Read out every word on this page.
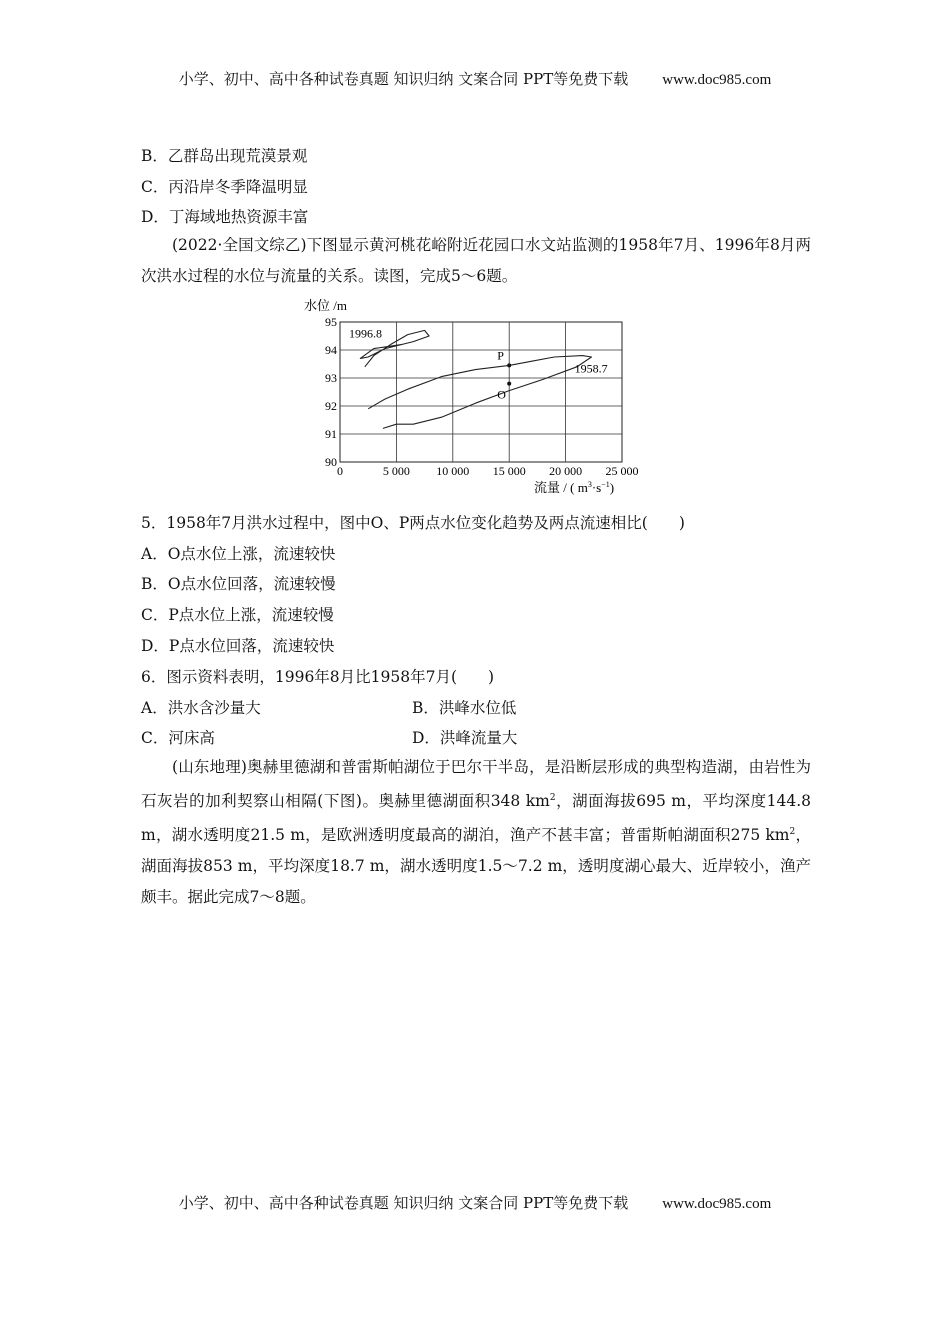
小学、初中、高中各种试卷真题 知识归纳 文案合同 PPT等免费下载 www.doc985.com
B．乙群岛出现荒漠景观
C．丙沿岸冬季降温明显
D．丁海域地热资源丰富
(2022·全国文综乙)下图显示黄河桃花峪附近花园口水文站监测的1958年7月、1996年8月两次洪水过程的水位与流量的关系。读图，完成5～6题。
1996.8
1958.7
P
O
0	5 000 10 000 15 000 20 000 25 000
90
91
92
93
94
95
水位 /m
流量 / ( $m^3\cdot s^{-1}$)
5．1958年7月洪水过程中，图中O、P两点水位变化趋势及两点流速相比(　　)
A．O点水位上涨，流速较快
B．O点水位回落，流速较慢
C．P点水位上涨，流速较慢
D．P点水位回落，流速较快
6．图示资料表明，1996年8月比1958年7月(　　)
A．洪水含沙量大	B．洪峰水位低
C．河床高	D．洪峰流量大
(山东地理)奥赫里德湖和普雷斯帕湖位于巴尔干半岛，是沿断层形成的典型构造湖，由岩性为石灰岩的加利契察山相隔(下图)。奥赫里德湖面积348 $km^2$，湖面海拔695 m，平均深度144.8 m，湖水透明度21.5 m，是欧洲透明度最高的湖泊，渔产不甚丰富；普雷斯帕湖面积275 $km^2$，湖面海拔853 m，平均深度18.7 m，湖水透明度1.5～7.2 m，透明度湖心最大、近岸较小，渔产颇丰。据此完成7～8题。
小学、初中、高中各种试卷真题 知识归纳 文案合同 PPT等免费下载 www.doc985.com
